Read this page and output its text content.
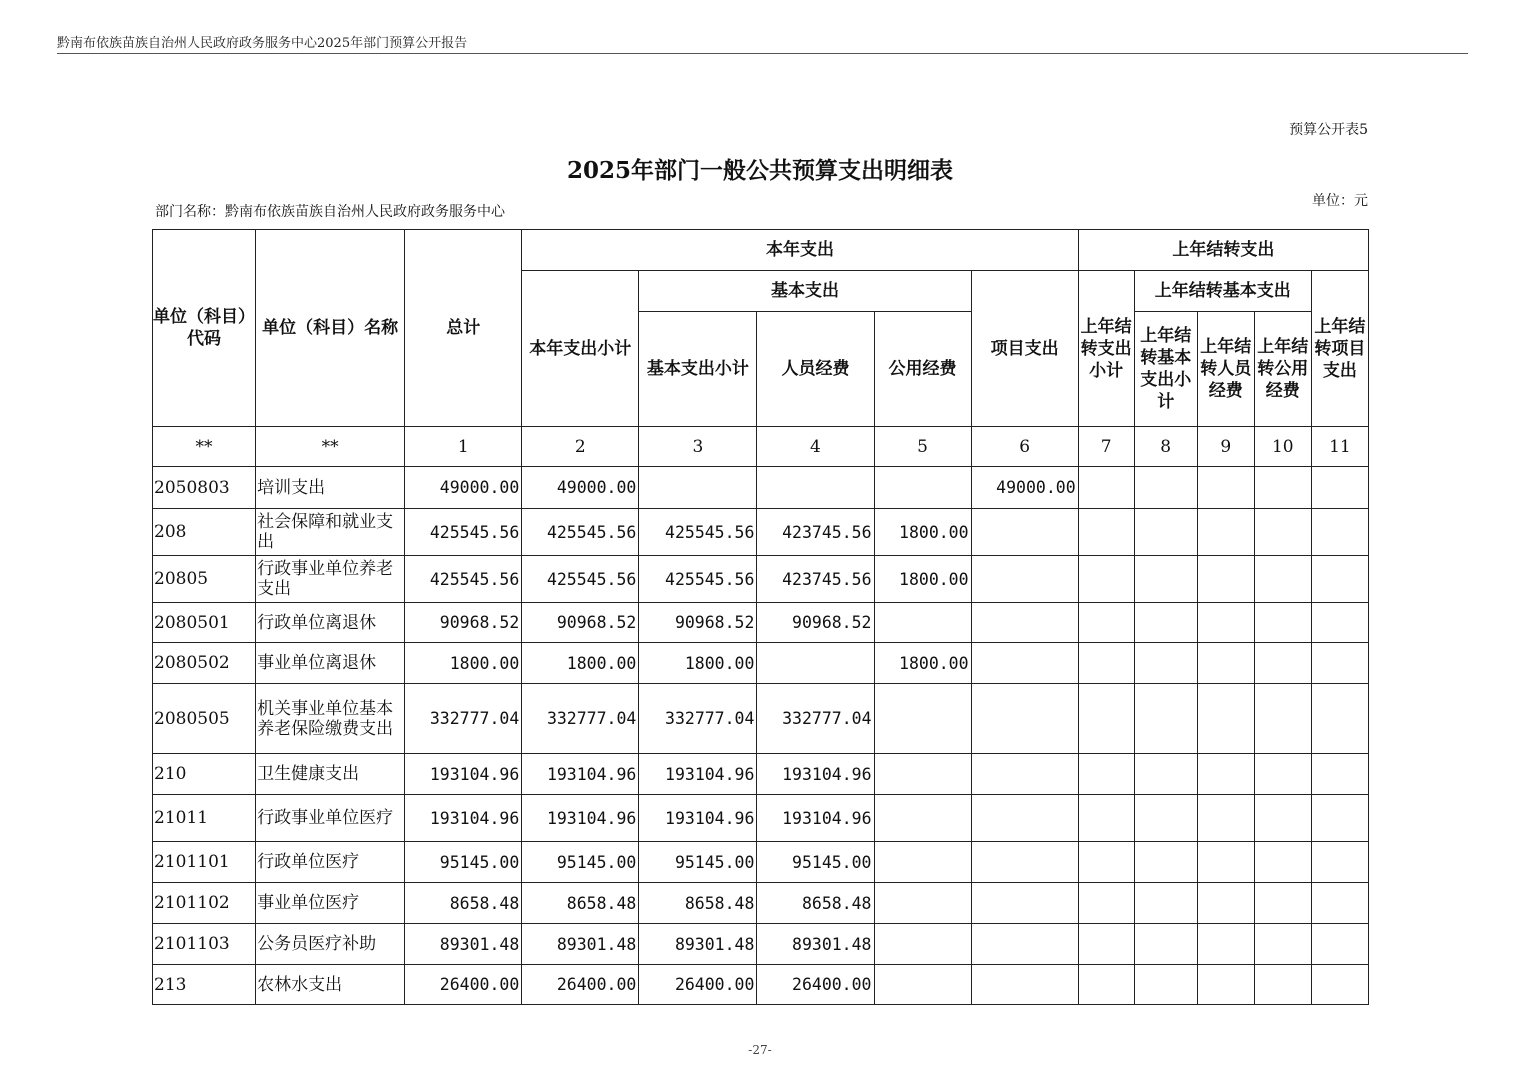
黔南布依族苗族自治州人民政府政务服务中心2025年部门预算公开报告
预算公开表5
2025年部门一般公共预算支出明细表
部门名称：黔南布依族苗族自治州人民政府政务服务中心
单位：元
单位（科目）代码	单位（科目）名称	总计	本年支出					上年结转支出				
			本年支出小计	基本支出			项目支出	上年结转支出小计	上年结转基本支出			上年结转项目支出
				基本支出小计	人员经费	公用经费			上年结转基本支出小计	上年结转人员经费	上年结转公用经费	
**	**	1	2	3	4	5	6	7	8	9	10	11
2050803	培训支出	49000.00	49000.00				49000.00					
208	社会保障和就业支出	425545.56	425545.56	425545.56	423745.56	1800.00						
20805	行政事业单位养老支出	425545.56	425545.56	425545.56	423745.56	1800.00						
2080501	行政单位离退休	90968.52	90968.52	90968.52	90968.52							
2080502	事业单位离退休	1800.00	1800.00	1800.00		1800.00						
2080505	机关事业单位基本养老保险缴费支出	332777.04	332777.04	332777.04	332777.04							
210	卫生健康支出	193104.96	193104.96	193104.96	193104.96							
21011	行政事业单位医疗	193104.96	193104.96	193104.96	193104.96							
2101101	行政单位医疗	95145.00	95145.00	95145.00	95145.00							
2101102	事业单位医疗	8658.48	8658.48	8658.48	8658.48							
2101103	公务员医疗补助	89301.48	89301.48	89301.48	89301.48							
213	农林水支出	26400.00	26400.00	26400.00	26400.00							
-27-
